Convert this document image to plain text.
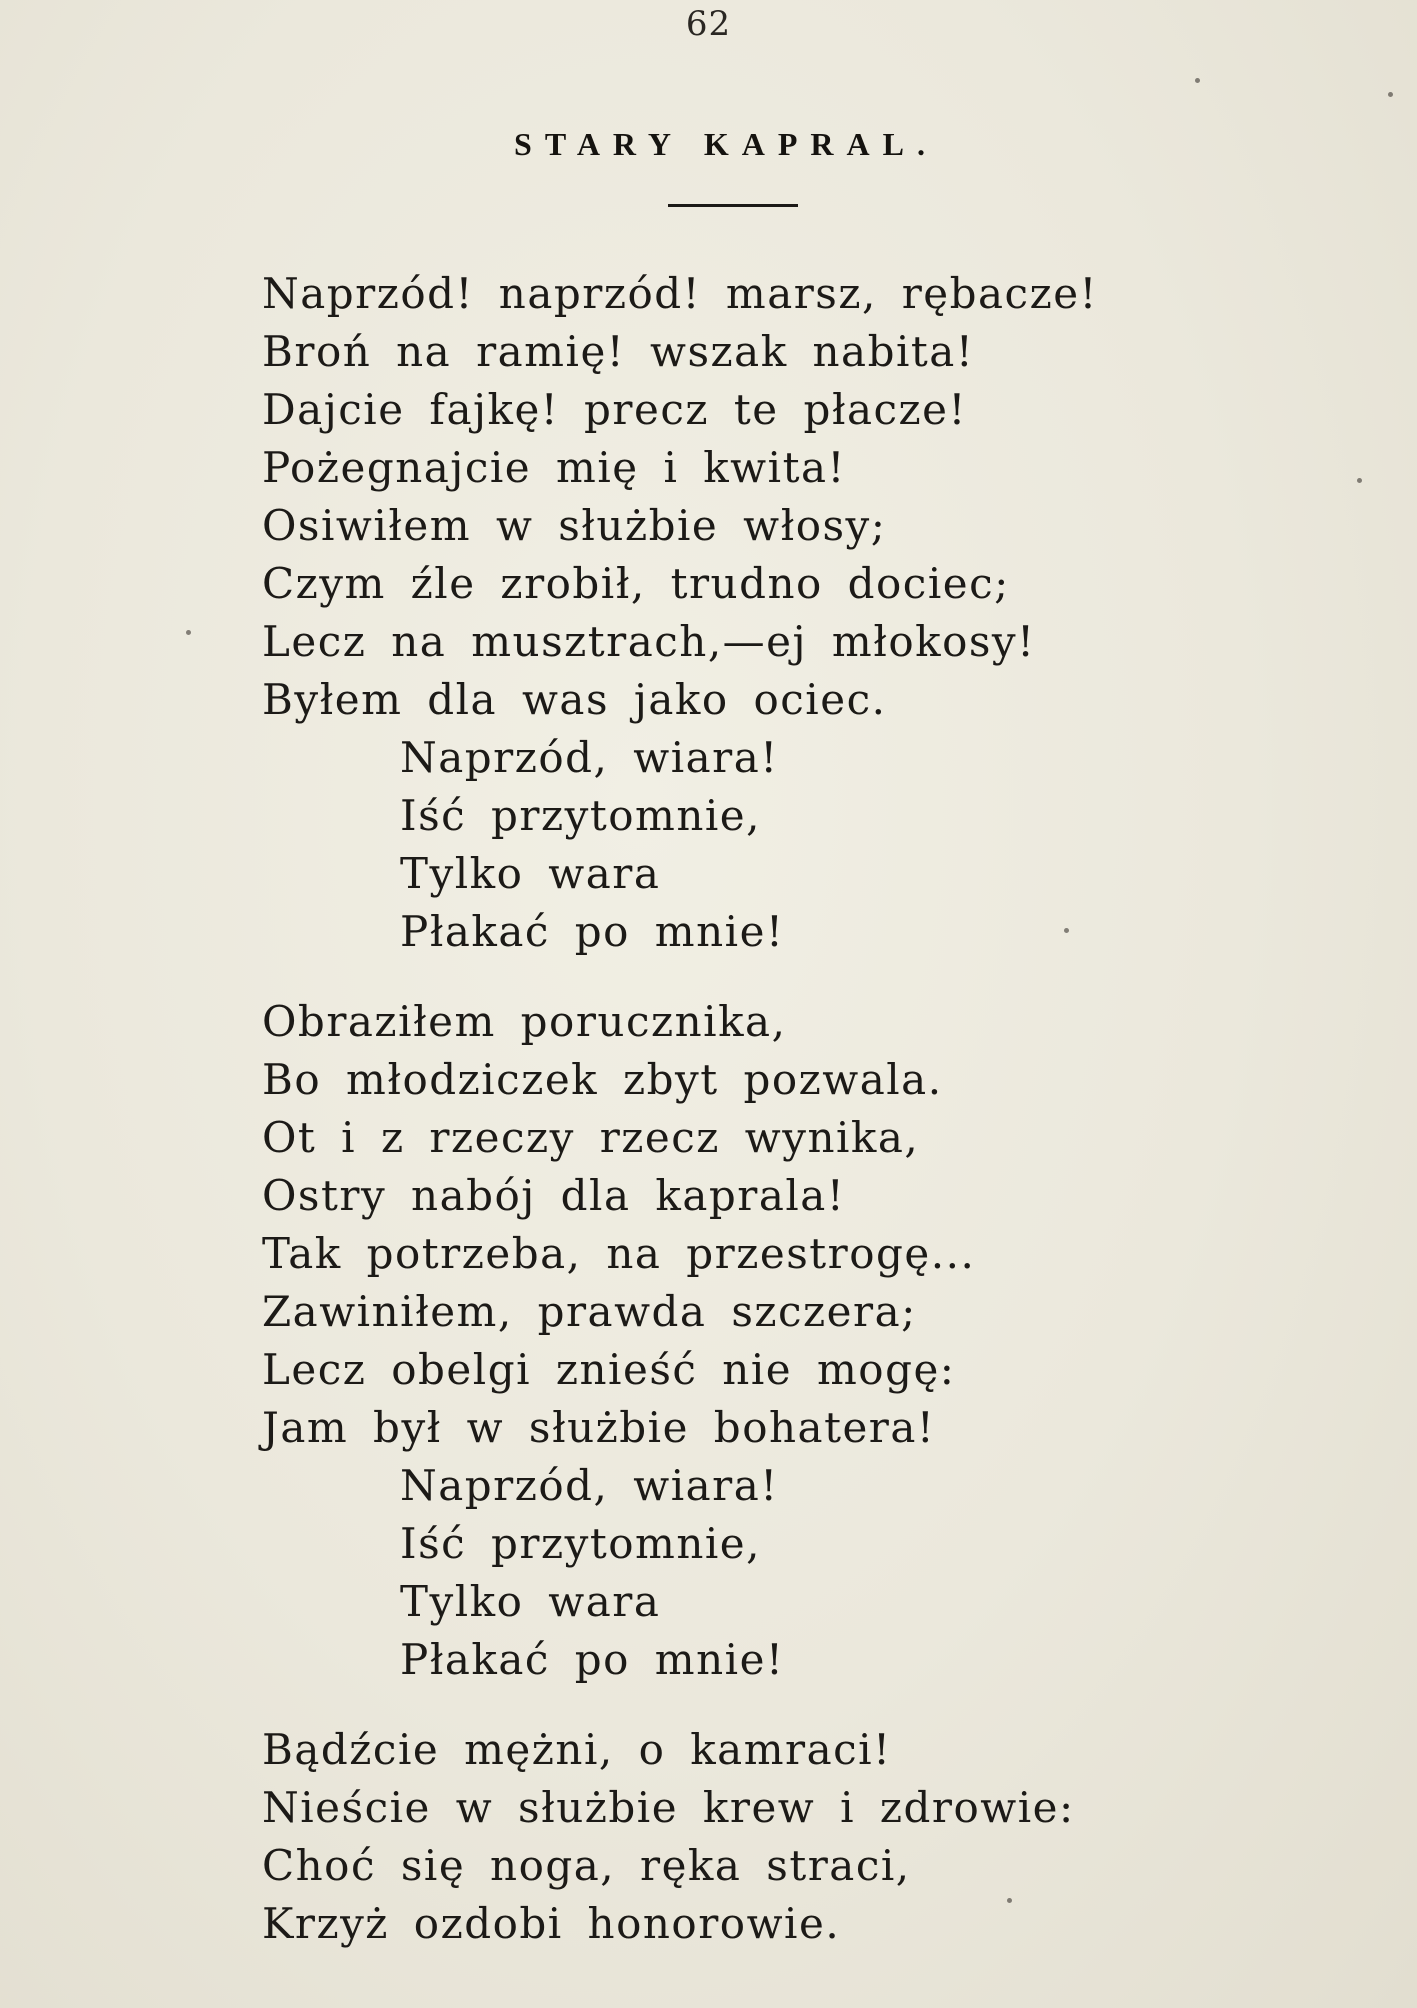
62
STARY KAPRAL.
Naprzód! naprzód! marsz, rębacze!
Broń na ramię! wszak nabita!
Dajcie fajkę! precz te płacze!
Pożegnajcie mię i kwita!
Osiwiłem w służbie włosy;
Czym źle zrobił, trudno dociec;
Lecz na musztrach,—ej młokosy!
Byłem dla was jako ociec.
Naprzód, wiara!
Iść przytomnie,
Tylko wara
Płakać po mnie!
Obraziłem porucznika,
Bo młodziczek zbyt pozwala.
Ot i z rzeczy rzecz wynika,
Ostry nabój dla kaprala!
Tak potrzeba, na przestrogę...
Zawiniłem, prawda szczera;
Lecz obelgi znieść nie mogę:
Jam był w służbie bohatera!
Naprzód, wiara!
Iść przytomnie,
Tylko wara
Płakać po mnie!
Bądźcie mężni, o kamraci!
Nieście w służbie krew i zdrowie:
Choć się noga, ręka straci,
Krzyż ozdobi honorowie.
